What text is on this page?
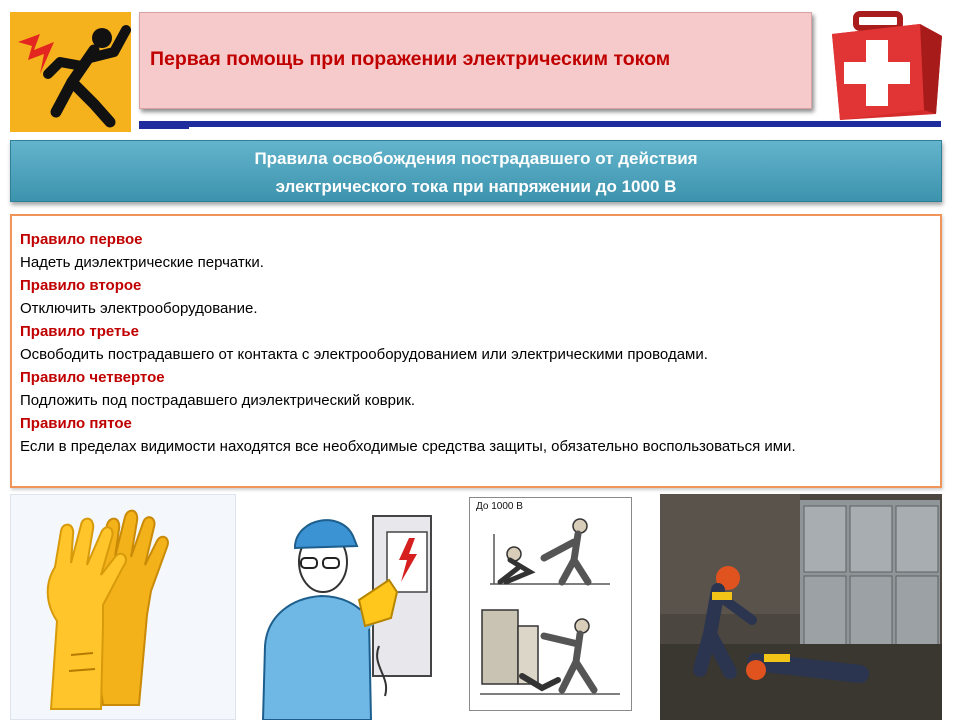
Первая помощь при поражении электрическим током
Правила освобождения пострадавшего от действия
электрического тока при напряжении до 1000 В
Правило первое
Надеть диэлектрические перчатки.
Правило второе
Отключить электрооборудование.
Правило третье
Освободить пострадавшего от контакта с электрооборудованием или электрическими проводами.
Правило четвертое
Подложить под пострадавшего диэлектрический коврик.
Правило пятое
Если в пределах видимости находятся все необходимые средства защиты, обязательно воспользоваться ими.
До 1000 В
